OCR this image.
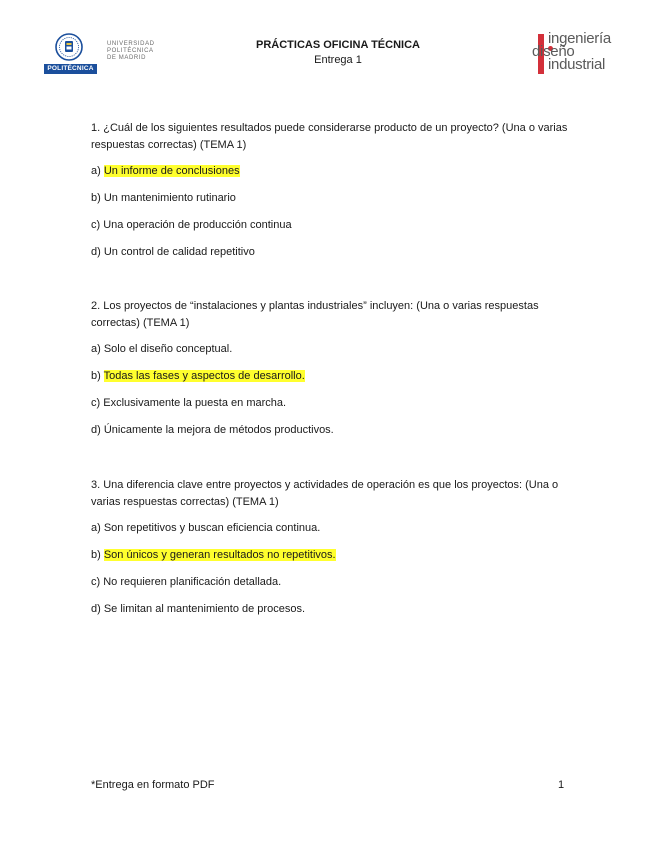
POLITÉCNICA
UNIVERSIDAD
POLITÉCNICA
DE MADRID
PRÁCTICAS OFICINA TÉCNICA
Entrega 1
ingeniería
diseño
industrial
1. ¿Cuál de los siguientes resultados puede considerarse producto de un proyecto? (Una o varias respuestas correctas) (TEMA 1)
a) Un informe de conclusiones
b) Un mantenimiento rutinario
c) Una operación de producción continua
d) Un control de calidad repetitivo
2. Los proyectos de “instalaciones y plantas industriales” incluyen: (Una o varias respuestas correctas) (TEMA 1)
a) Solo el diseño conceptual.
b) Todas las fases y aspectos de desarrollo.
c) Exclusivamente la puesta en marcha.
d) Únicamente la mejora de métodos productivos.
3. Una diferencia clave entre proyectos y actividades de operación es que los proyectos: (Una o varias respuestas correctas) (TEMA 1)
a) Son repetitivos y buscan eficiencia continua.
b) Son únicos y generan resultados no repetitivos.
c) No requieren planificación detallada.
d) Se limitan al mantenimiento de procesos.
*Entrega en formato PDF	1
